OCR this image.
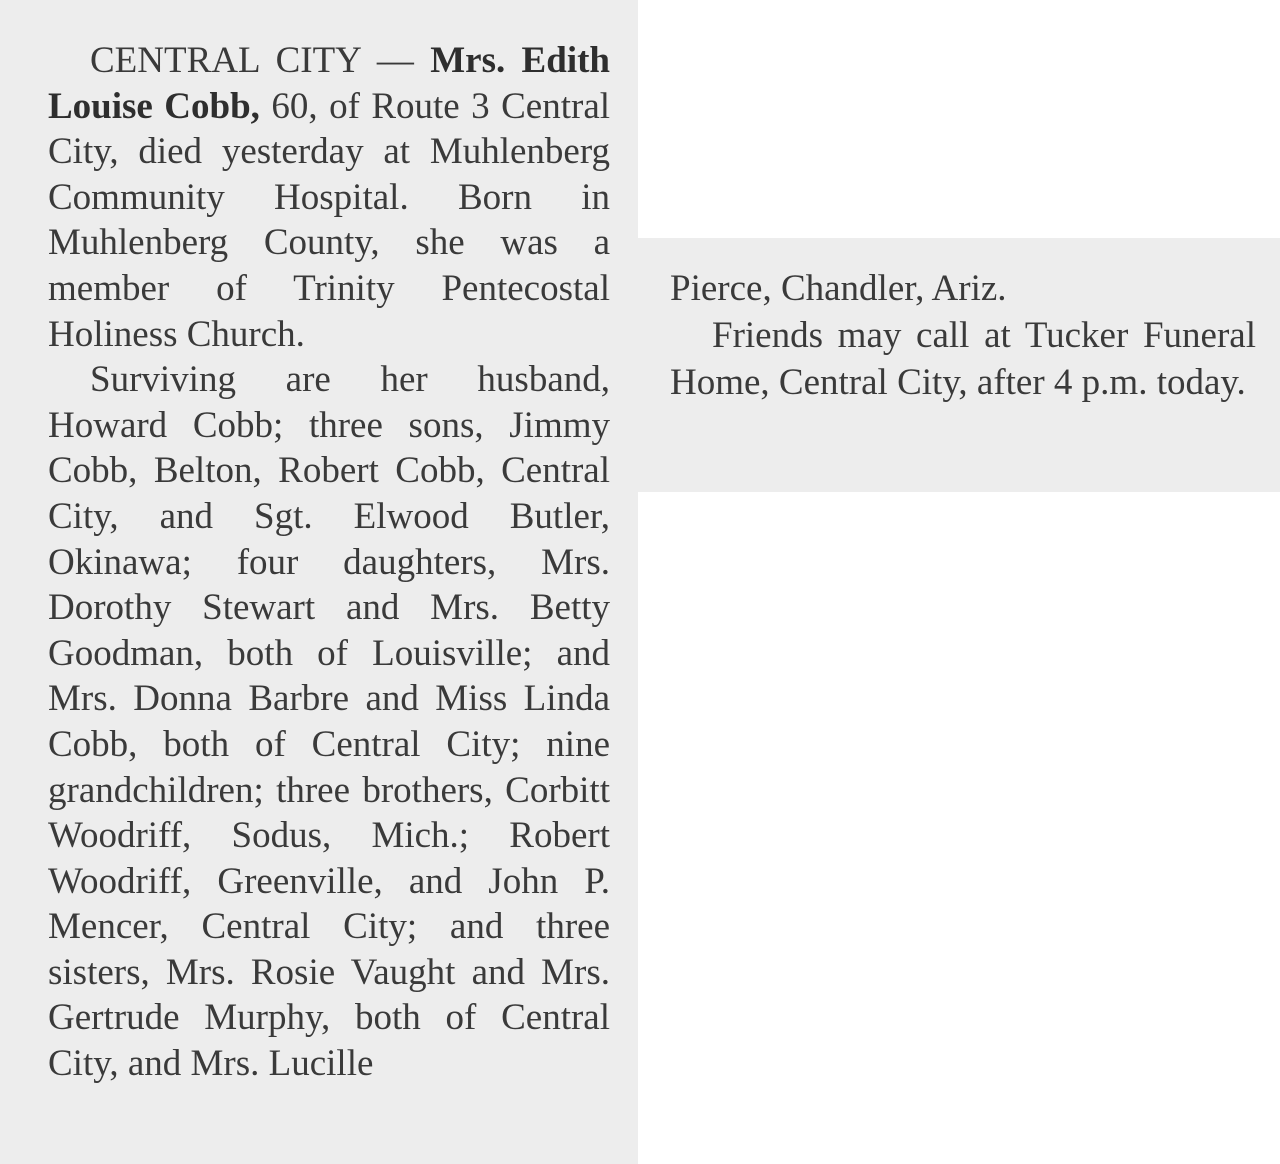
CENTRAL CITY — Mrs. Edith Louise Cobb, 60, of Route 3 Central City, died yesterday at Muhlenberg Community Hospital. Born in Muhlenberg County, she was a member of Trinity Pentecostal Holiness Church.

Surviving are her husband, Howard Cobb; three sons, Jimmy Cobb, Belton, Robert Cobb, Central City, and Sgt. Elwood Butler, Okinawa; four daughters, Mrs. Dorothy Stewart and Mrs. Betty Goodman, both of Louisville; and Mrs. Donna Barbre and Miss Linda Cobb, both of Central City; nine grandchildren; three brothers, Corbitt Woodriff, Sodus, Mich.; Robert Woodriff, Greenville, and John P. Mencer, Central City; and three sisters, Mrs. Rosie Vaught and Mrs. Gertrude Murphy, both of Central City, and Mrs. Lucille

Pierce, Chandler, Ariz.

Friends may call at Tucker Funeral Home, Central City, after 4 p.m. today.
